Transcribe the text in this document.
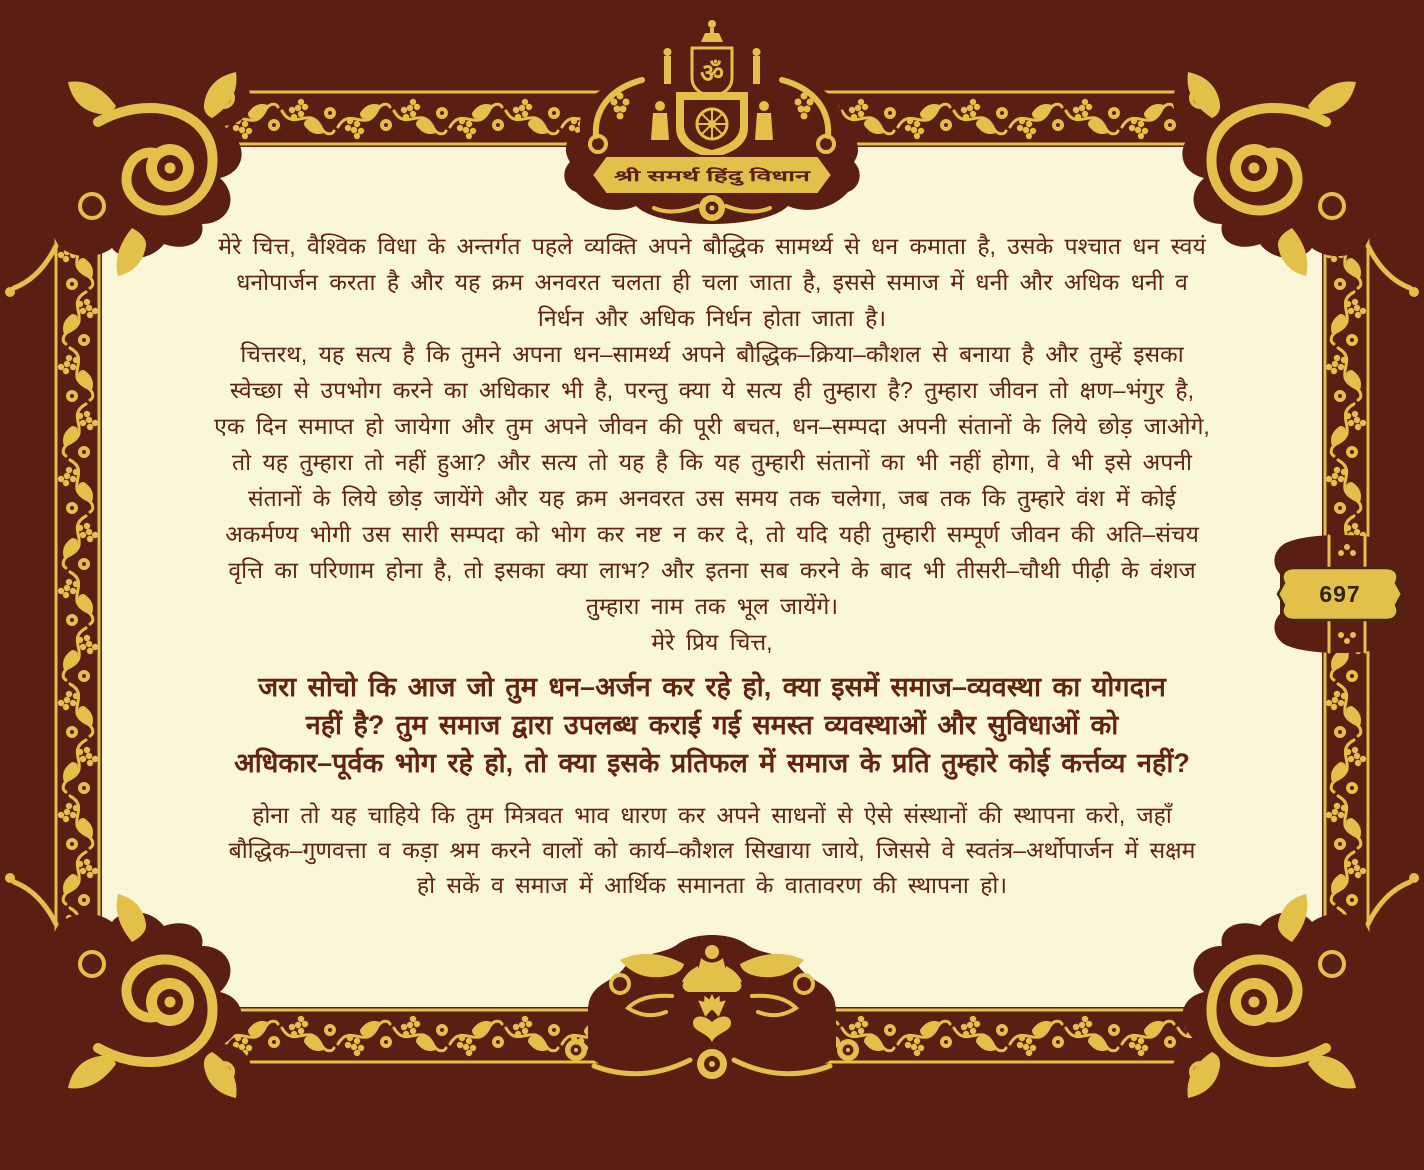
ॐ
श्री समर्थ हिंदु विधान
697
मेरे चित्त, वैश्विक विधा के अन्तर्गत पहले व्यक्ति अपने बौद्धिक सामर्थ्य से धन कमाता है, उसके पश्चात धन स्वयं
धनोपार्जन करता है और यह क्रम अनवरत चलता ही चला जाता है, इससे समाज में धनी और अधिक धनी व
निर्धन और अधिक निर्धन होता जाता है।
चित्तरथ, यह सत्य है कि तुमने अपना धन–सामर्थ्य अपने बौद्धिक–क्रिया–कौशल से बनाया है और तुम्हें इसका
स्वेच्छा से उपभोग करने का अधिकार भी है, परन्तु क्या ये सत्य ही तुम्हारा है? तुम्हारा जीवन तो क्षण–भंगुर है,
एक दिन समाप्त हो जायेगा और तुम अपने जीवन की पूरी बचत, धन–सम्पदा अपनी संतानों के लिये छोड़ जाओगे,
तो यह तुम्हारा तो नहीं हुआ? और सत्य तो यह है कि यह तुम्हारी संतानों का भी नहीं होगा, वे भी इसे अपनी
संतानों के लिये छोड़ जायेंगे और यह क्रम अनवरत उस समय तक चलेगा, जब तक कि तुम्हारे वंश में कोई
अकर्मण्य भोगी उस सारी सम्पदा को भोग कर नष्ट न कर दे, तो यदि यही तुम्हारी सम्पूर्ण जीवन की अति–संचय
वृत्ति का परिणाम होना है, तो इसका क्या लाभ? और इतना सब करने के बाद भी तीसरी–चौथी पीढ़ी के वंशज
तुम्हारा नाम तक भूल जायेंगे।
मेरे प्रिय चित्त,
जरा सोचो कि आज जो तुम धन–अर्जन कर रहे हो, क्या इसमें समाज–व्यवस्था का योगदान
नहीं है? तुम समाज द्वारा उपलब्ध कराई गई समस्त व्यवस्थाओं और सुविधाओं को
अधिकार–पूर्वक भोग रहे हो, तो क्या इसके प्रतिफल में समाज के प्रति तुम्हारे कोई कर्त्तव्य नहीं?
होना तो यह चाहिये कि तुम मित्रवत भाव धारण कर अपने साधनों से ऐसे संस्थानों की स्थापना करो, जहाँ
बौद्धिक–गुणवत्ता व कड़ा श्रम करने वालों को कार्य–कौशल सिखाया जाये, जिससे वे स्वतंत्र–अर्थोपार्जन में सक्षम
हो सकें व समाज में आर्थिक समानता के वातावरण की स्थापना हो।
